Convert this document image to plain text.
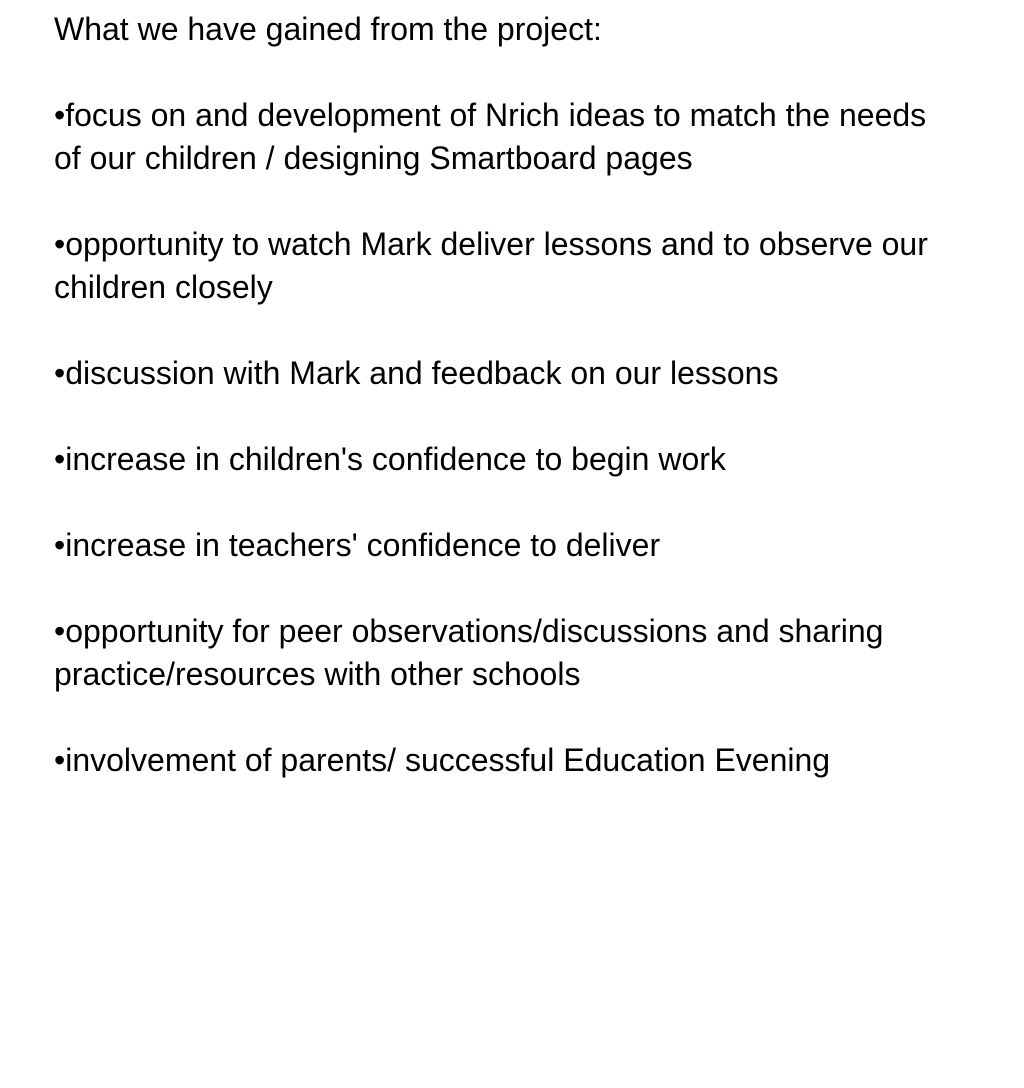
What we have gained from the project:
•focus on and development of Nrich ideas to match the needs of our children / designing Smartboard pages
•opportunity to watch Mark deliver lessons and to observe our children closely
•discussion with Mark and feedback on our lessons
•increase in children's confidence to begin work
•increase in teachers' confidence to deliver
•opportunity for peer observations/discussions and sharing practice/resources with other schools
•involvement of parents/ successful Education Evening
